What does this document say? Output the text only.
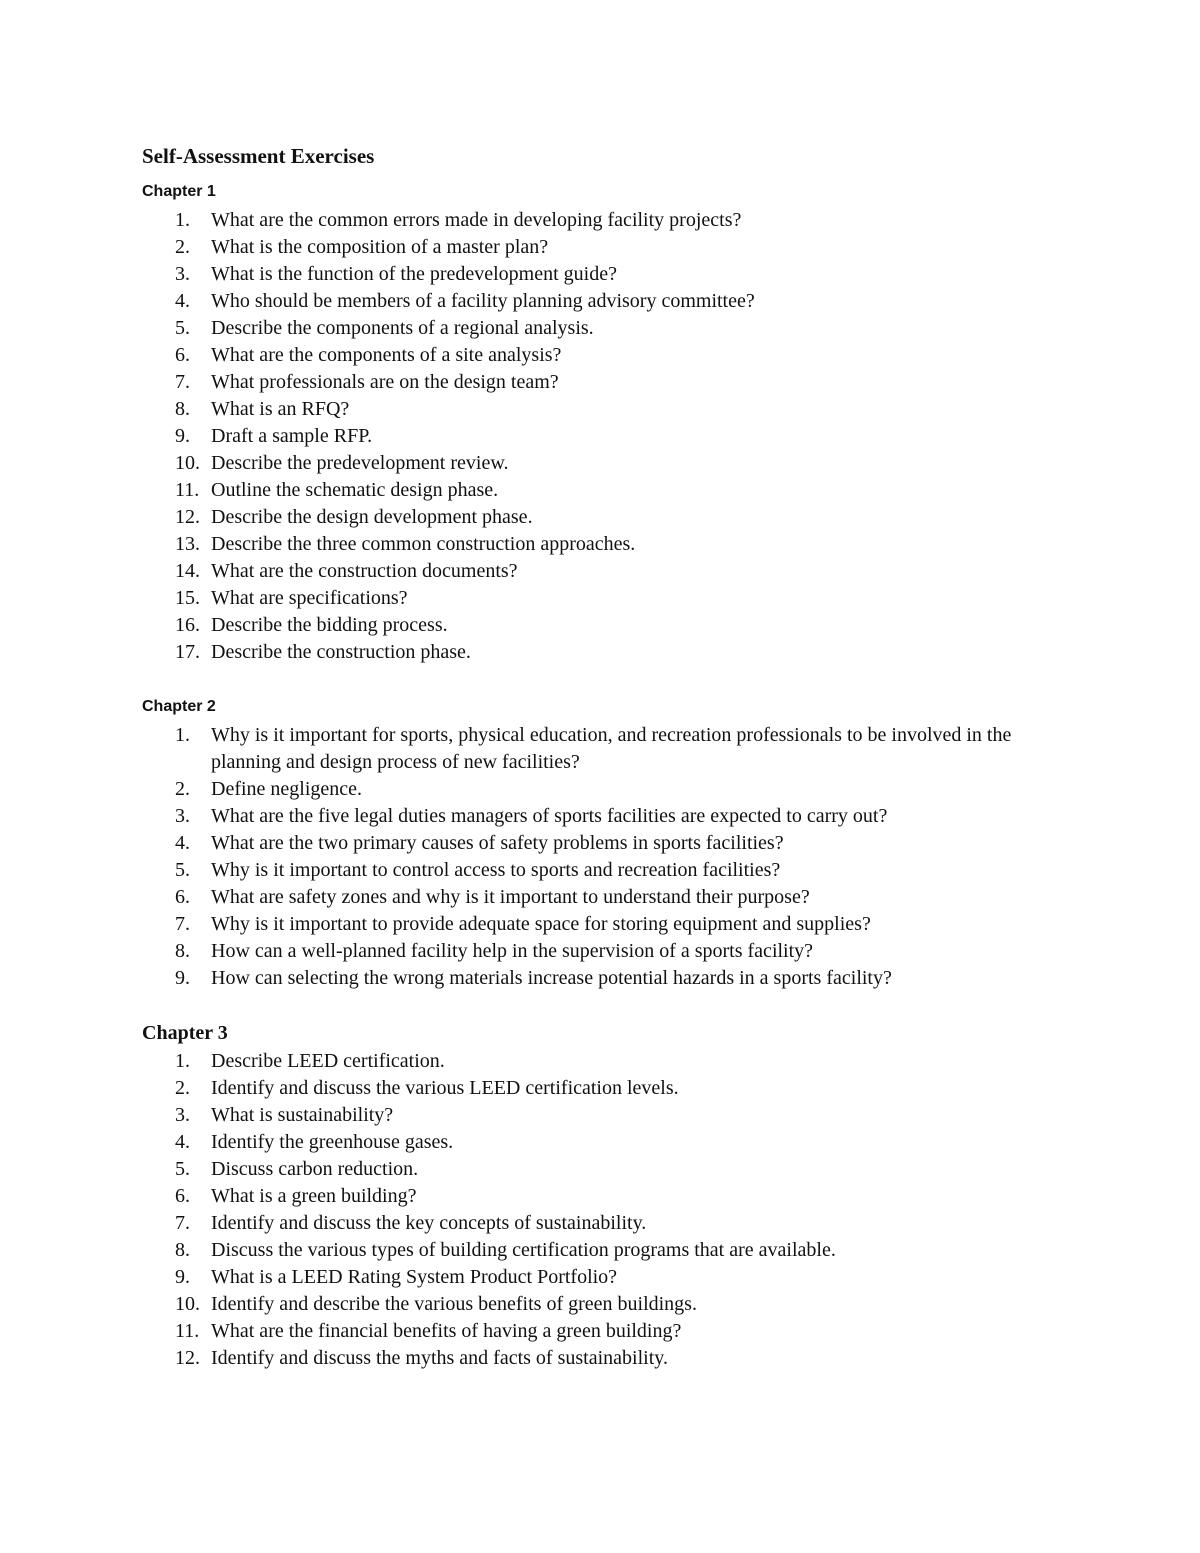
Self-Assessment Exercises
Chapter 1
1.	What are the common errors made in developing facility projects?
2.	What is the composition of a master plan?
3.	What is the function of the predevelopment guide?
4.	Who should be members of a facility planning advisory committee?
5.	Describe the components of a regional analysis.
6.	What are the components of a site analysis?
7.	What professionals are on the design team?
8.	What is an RFQ?
9.	Draft a sample RFP.
10. Describe the predevelopment review.
11. Outline the schematic design phase.
12. Describe the design development phase.
13. Describe the three common construction approaches.
14. What are the construction documents?
15. What are specifications?
16. Describe the bidding process.
17. Describe the construction phase.
Chapter 2
1.	Why is it important for sports, physical education, and recreation professionals to be involved in the planning and design process of new facilities?
2.	Define negligence.
3.	What are the five legal duties managers of sports facilities are expected to carry out?
4.	What are the two primary causes of safety problems in sports facilities?
5.	Why is it important to control access to sports and recreation facilities?
6.	What are safety zones and why is it important to understand their purpose?
7.	Why is it important to provide adequate space for storing equipment and supplies?
8.	How can a well-planned facility help in the supervision of a sports facility?
9.	How can selecting the wrong materials increase potential hazards in a sports facility?
Chapter 3
1.	Describe LEED certification.
2.	Identify and discuss the various LEED certification levels.
3.	What is sustainability?
4.	Identify the greenhouse gases.
5.	Discuss carbon reduction.
6.	What is a green building?
7.	Identify and discuss the key concepts of sustainability.
8.	Discuss the various types of building certification programs that are available.
9.	What is a LEED Rating System Product Portfolio?
10. Identify and describe the various benefits of green buildings.
11. What are the financial benefits of having a green building?
12. Identify and discuss the myths and facts of sustainability.
